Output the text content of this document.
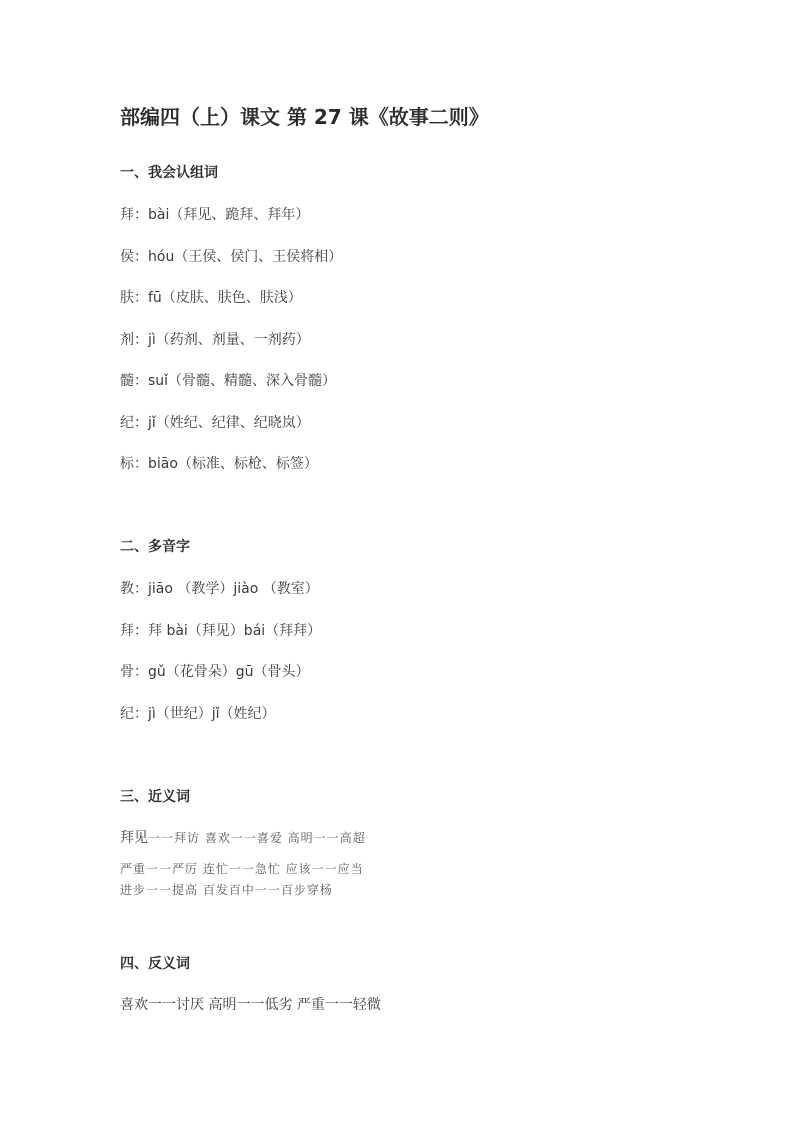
部编四（上）课文 第 27 课《故事二则》
一、我会认组词
拜：bài（拜见、跪拜、拜年）
侯：hóu（王侯、侯门、王侯将相）
肤：fū（皮肤、肤色、肤浅）
剂：jì（药剂、剂量、一剂药）
髓：suǐ（骨髓、精髓、深入骨髓）
纪：jǐ（姓纪、纪律、纪晓岚）
标：biāo（标准、标枪、标签）
二、多音字
教：jiāo （教学）jiào （教室）
拜：拜 bài（拜见）bái（拜拜）
骨：gǔ（花骨朵）gū（骨头）
纪：jì（世纪）jǐ（姓纪）
三、近义词
拜见一一拜访 喜欢一一喜爱 高明一一高超
严重一一严厉 连忙一一急忙 应该一一应当
进步一一提高 百发百中一一百步穿杨
四、反义词
喜欢一一讨厌 高明一一低劣 严重一一轻微
